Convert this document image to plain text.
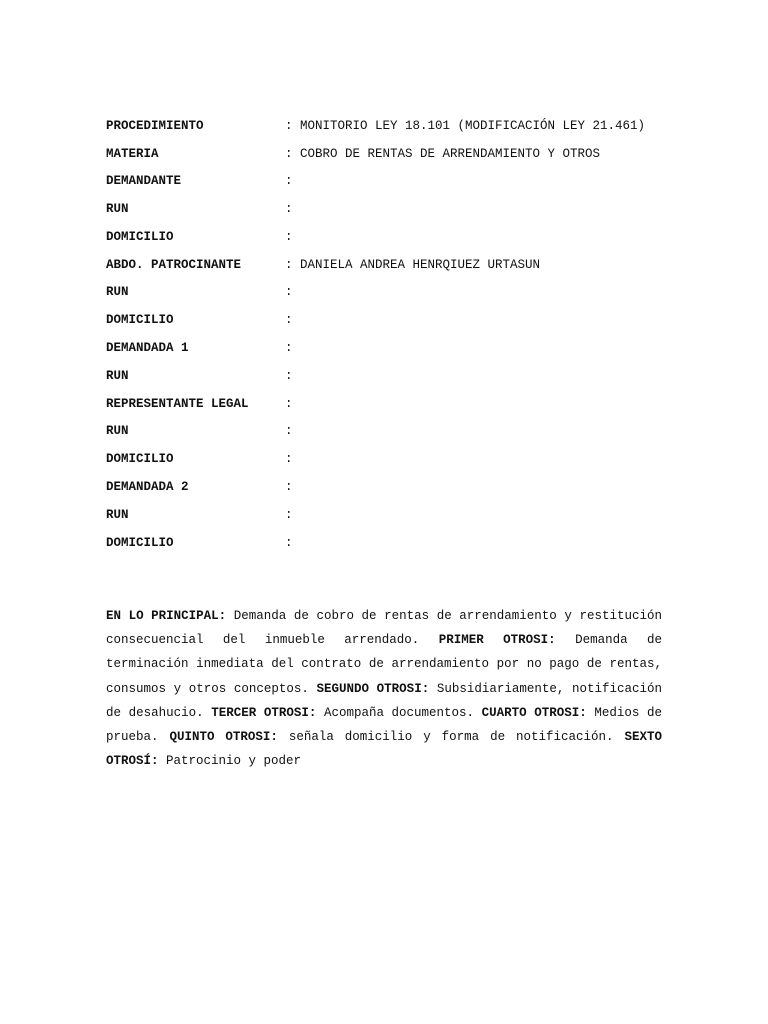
PROCEDIMIENTO	: MONITORIO LEY 18.101 (MODIFICACIÓN LEY 21.461)
MATERIA	: COBRO DE RENTAS DE ARRENDAMIENTO Y OTROS
DEMANDANTE	:
RUN	:
DOMICILIO	:
ABDO. PATROCINANTE	: DANIELA ANDREA HENRQIUEZ URTASUN
RUN	:
DOMICILIO	:
DEMANDADA 1	:
RUN	:
REPRESENTANTE LEGAL	:
RUN	:
DOMICILIO	:
DEMANDADA 2	:
RUN	:
DOMICILIO	:
EN LO PRINCIPAL: Demanda de cobro de rentas de arrendamiento y restitución consecuencial del inmueble arrendado. PRIMER OTROSI: Demanda de terminación inmediata del contrato de arrendamiento por no pago de rentas, consumos y otros conceptos. SEGUNDO OTROSI: Subsidiariamente, notificación de desahucio. TERCER OTROSI: Acompaña documentos. CUARTO OTROSI: Medios de prueba. QUINTO OTROSI: señala domicilio y forma de notificación. SEXTO OTROSÍ: Patrocinio y poder
